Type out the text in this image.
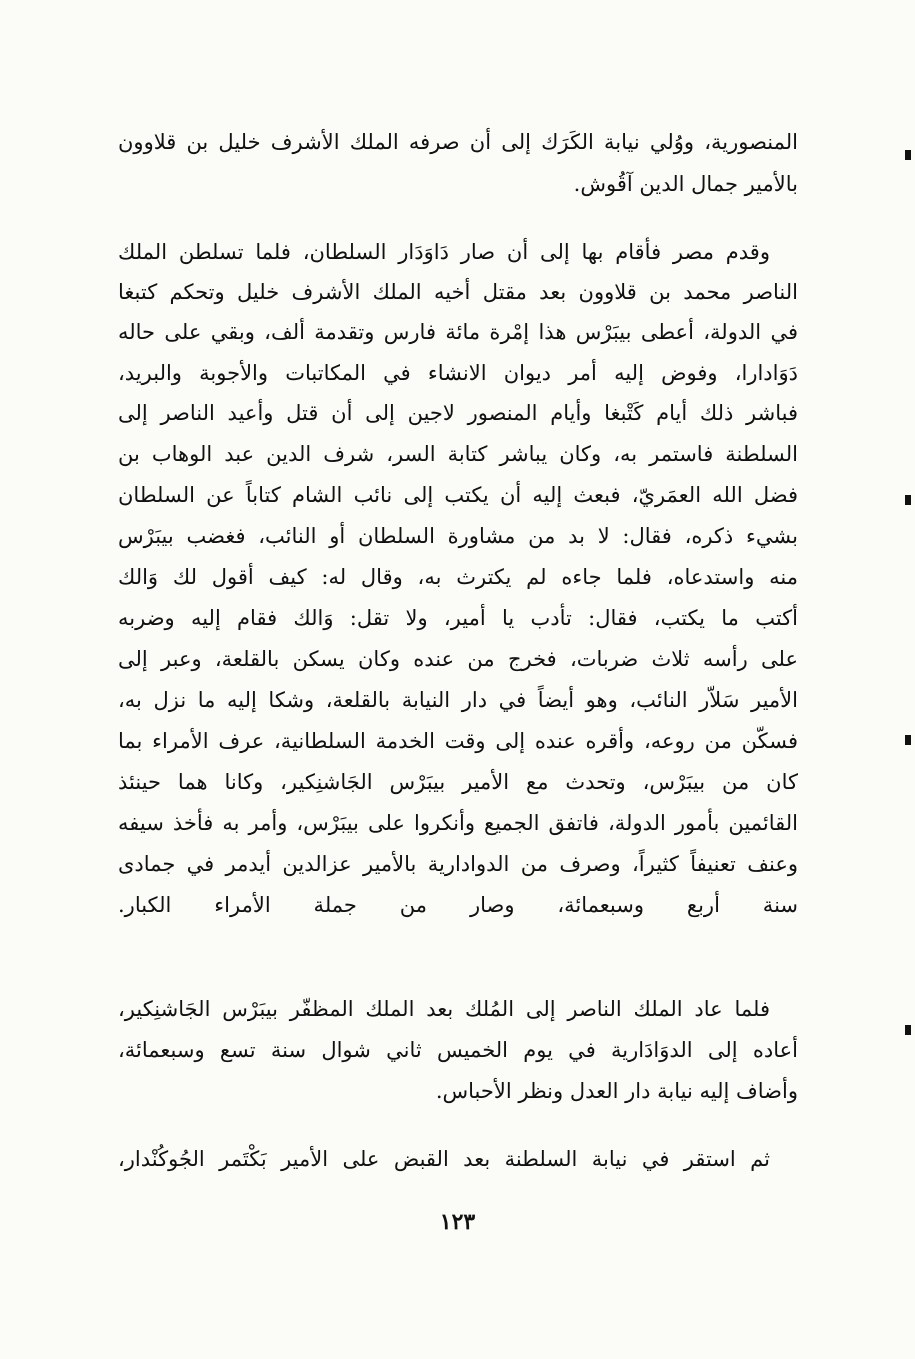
المنصورية، ووُلي نيابة الكَرَك إلى أن صرفه الملك الأشرف خليل بن قلاوون
بالأمير جمال الدين آقُوش.
وقدم مصر فأقام بها إلى أن صار دَاوَدَار السلطان، فلما تسلطن الملك
الناصر محمد بن قلاوون بعد مقتل أخيه الملك الأشرف خليل وتحكم كتبغا
في الدولة، أعطى بيبَرْس هذا إمْرة مائة فارس وتقدمة ألف، وبقي على حاله
دَوَادارا، وفوض إليه أمر ديوان الانشاء في المكاتبات والأجوبة والبريد،
فباشر ذلك أيام كَتْبغا وأيام المنصور لاجين إلى أن قتل وأعيد الناصر إلى
السلطنة فاستمر به، وكان يباشر كتابة السر، شرف الدين عبد الوهاب بن
فضل الله العمَريّ، فبعث إليه أن يكتب إلى نائب الشام كتاباً عن السلطان
بشيء ذكره، فقال: لا بد من مشاورة السلطان أو النائب، فغضب بيبَرْس
منه واستدعاه، فلما جاءه لم يكترث به، وقال له: كيف أقول لك وَالك
أكتب ما يكتب، فقال: تأدب يا أمير، ولا تقل: وَالك فقام إليه وضربه
على رأسه ثلاث ضربات، فخرج من عنده وكان يسكن بالقلعة، وعبر إلى
الأمير سَلاّر النائب، وهو أيضاً في دار النيابة بالقلعة، وشكا إليه ما نزل به،
فسكّن من روعه، وأقره عنده إلى وقت الخدمة السلطانية، عرف الأمراء بما
كان من بيبَرْس، وتحدث مع الأمير بيبَرْس الجَاشنِكير، وكانا هما حينئذ
القائمين بأمور الدولة، فاتفق الجميع وأنكروا على بيبَرْس، وأمر به فأخذ سيفه
وعنف تعنيفاً كثيراً، وصرف من الدوادارية بالأمير عزالدين أيدمر في جمادى
سنة أربع وسبعمائة، وصار من جملة الأمراء الكبار.
فلما عاد الملك الناصر إلى المُلك بعد الملك المظفّر بيبَرْس الجَاشنِكير،
أعاده إلى الدوَادَارية في يوم الخميس ثاني شوال سنة تسع وسبعمائة،
وأضاف إليه نيابة دار العدل ونظر الأحباس.
ثم استقر في نيابة السلطنة بعد القبض على الأمير بَكْتَمر الجُوكُنْدار،
١٢٣
